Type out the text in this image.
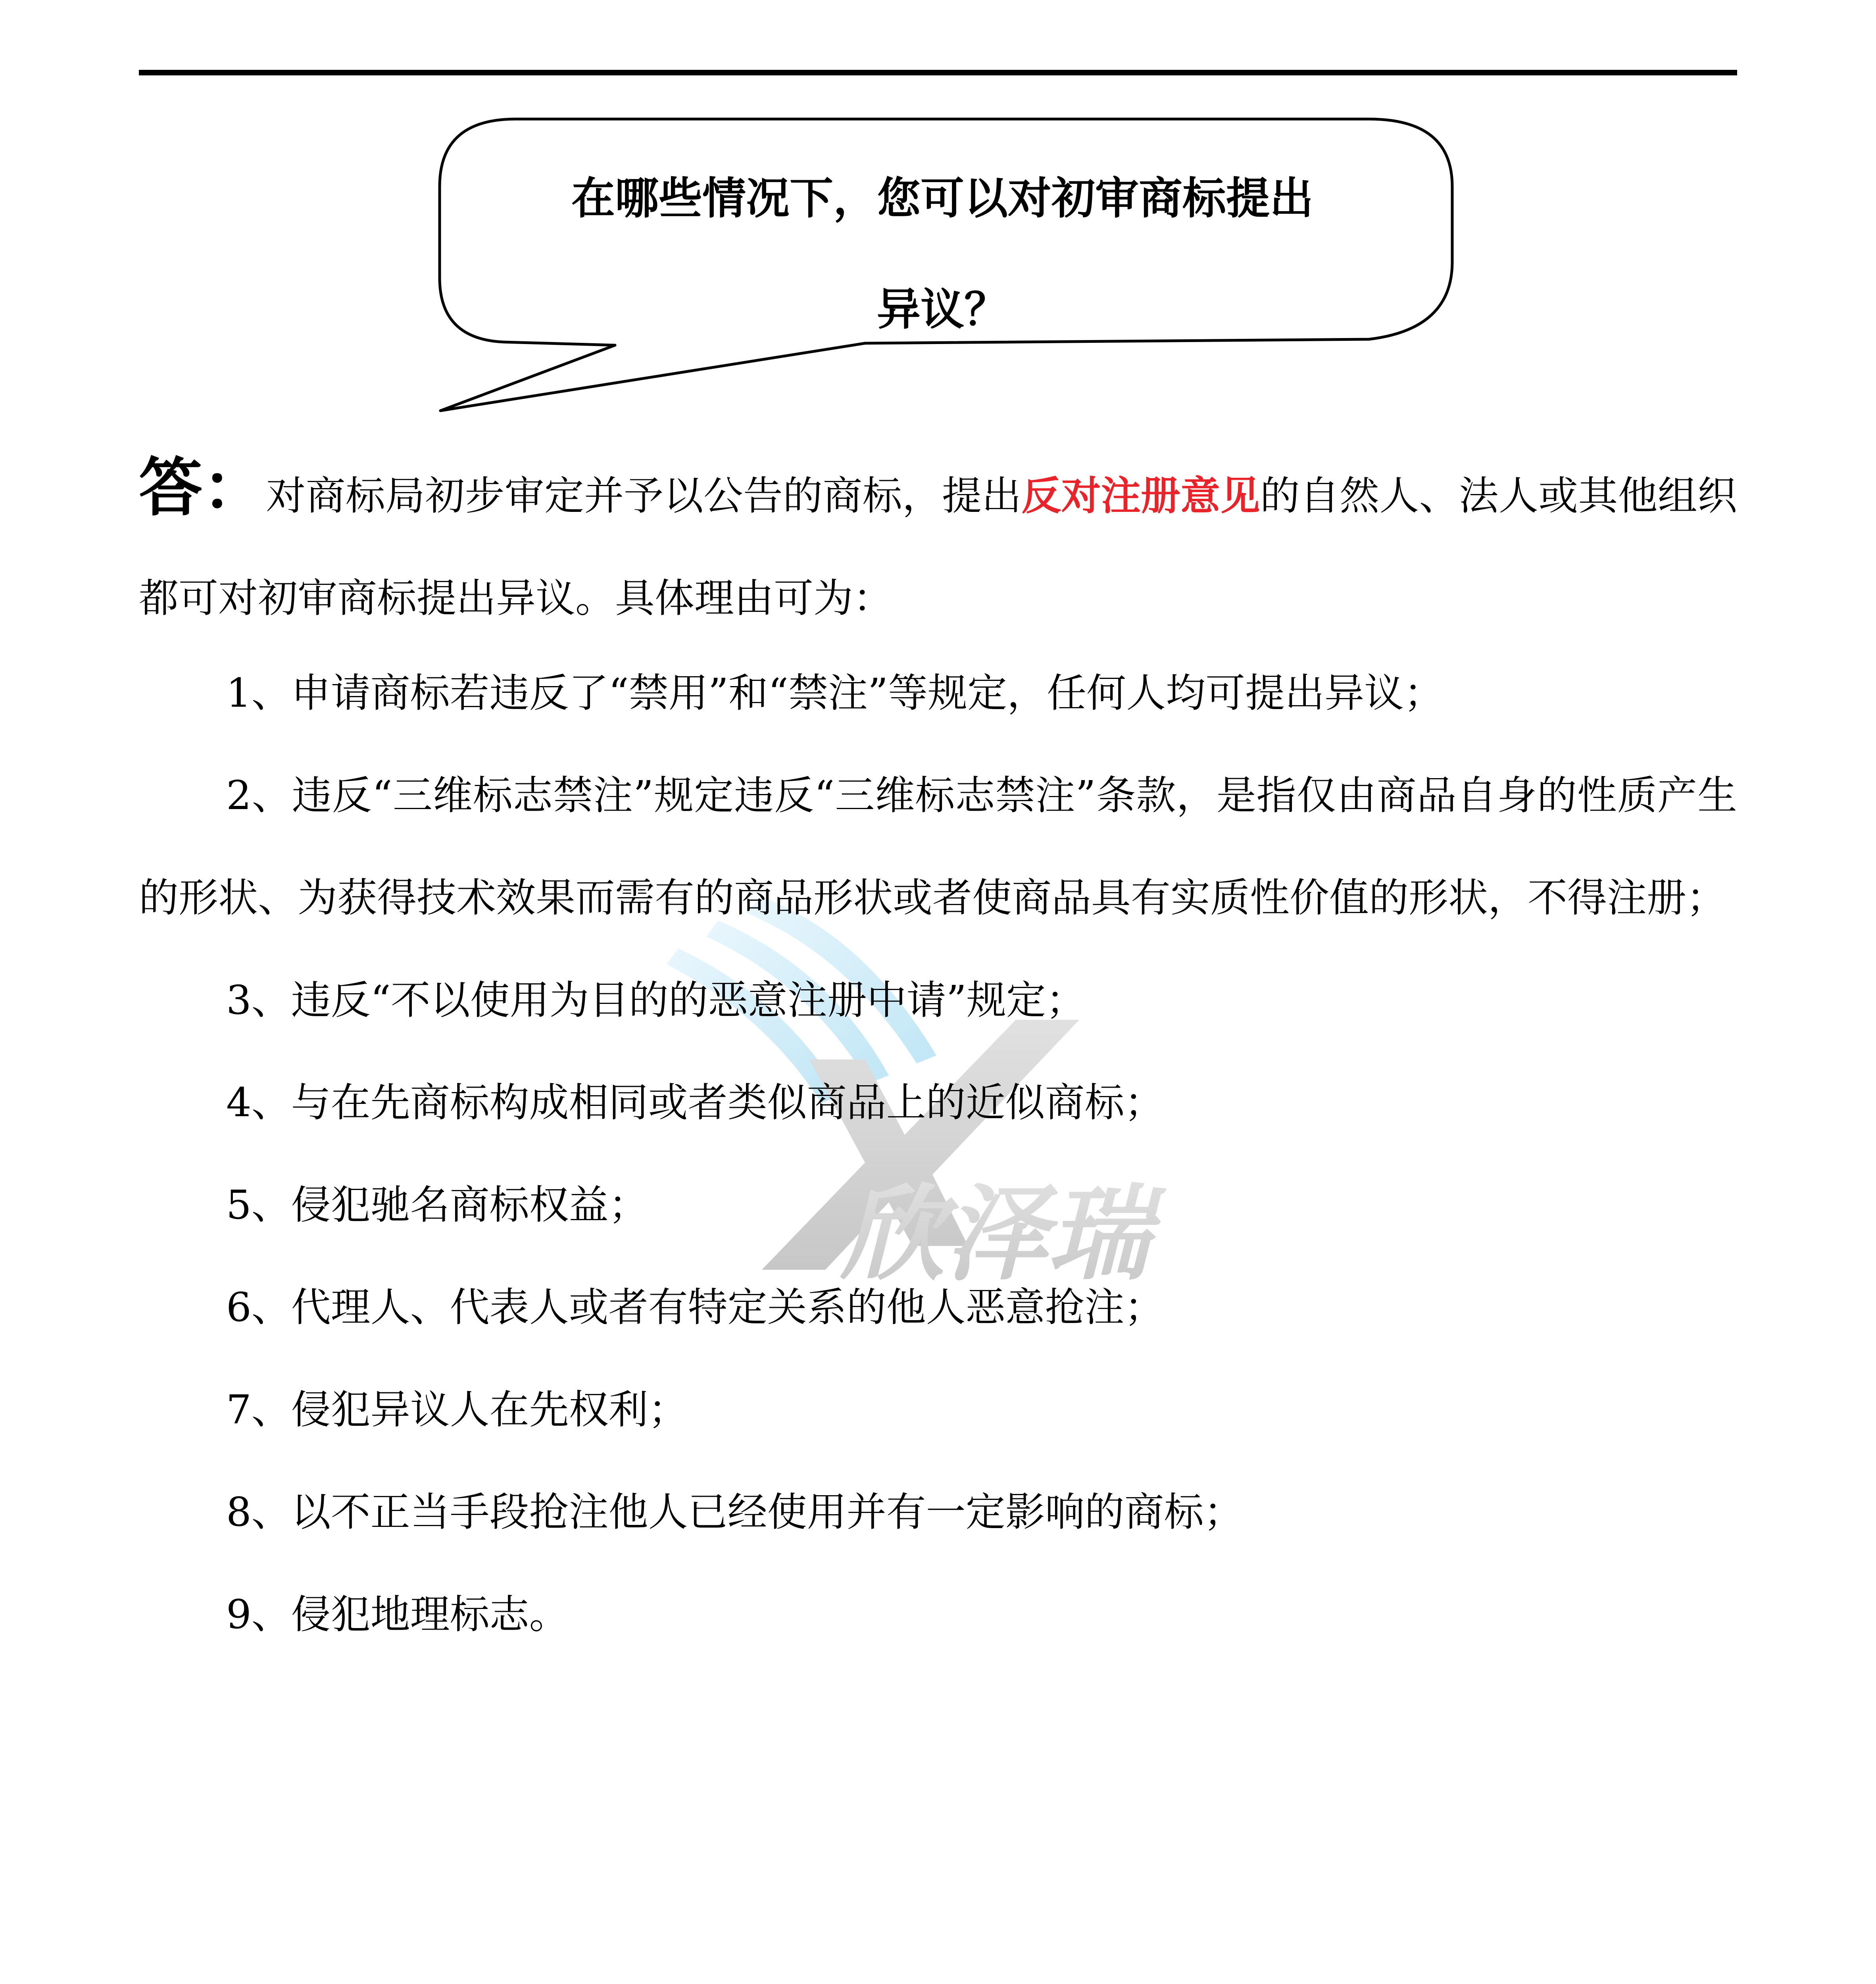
在哪些情况下，您可以对初审商标提出
异议？
欣泽瑞
答：对商标局初步审定并予以公告的商标，提出反对注册意见的自然人、法人或其他组织都可对初审商标提出异议。具体理由可为：

1、申请商标若违反了“禁用”和“禁注”等规定，任何人均可提出异议；

2、违反“三维标志禁注”规定违反“三维标志禁注”条款，是指仅由商品自身的性质产生的形状、为获得技术效果而需有的商品形状或者使商品具有实质性价值的形状，不得注册；

3、违反“不以使用为目的的恶意注册中请”规定；

4、与在先商标构成相同或者类似商品上的近似商标；

5、侵犯驰名商标权益；

6、代理人、代表人或者有特定关系的他人恶意抢注；

7、侵犯异议人在先权利；

8、以不正当手段抢注他人已经使用并有一定影响的商标；

9、侵犯地理标志。
